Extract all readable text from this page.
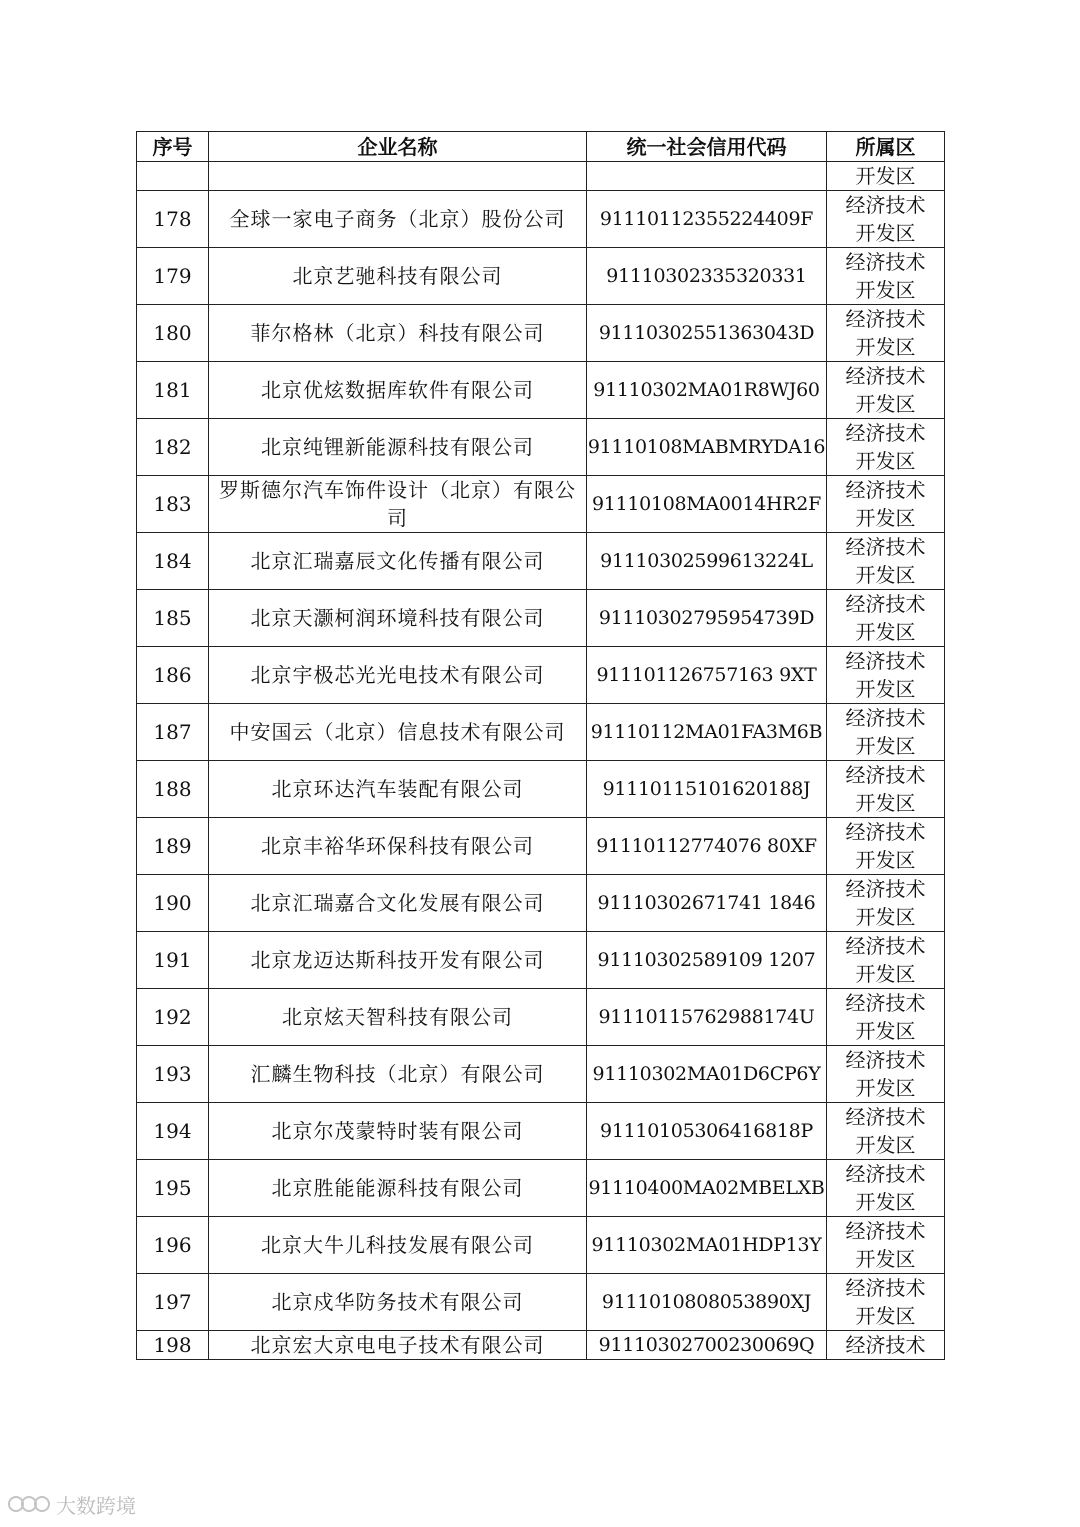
序号	企业名称	统一社会信用代码	所属区
			开发区
178	全球一家电子商务（北京）股份公司	91110112355224409F	经济技术
开发区

179	北京艺驰科技有限公司	91110302335320331	经济技术
开发区

180	菲尔格林（北京）科技有限公司	91110302551363043D	经济技术
开发区

181	北京优炫数据库软件有限公司	91110302MA01R8WJ60	经济技术
开发区

182	北京纯锂新能源科技有限公司	91110108MABMRYDA16	经济技术
开发区

183	罗斯德尔汽车饰件设计（北京）有限公司	91110108MA0014HR2F	经济技术
开发区

184	北京汇瑞嘉辰文化传播有限公司	91110302599613224L	经济技术
开发区

185	北京天灏柯润环境科技有限公司	91110302795954739D	经济技术
开发区

186	北京宇极芯光光电技术有限公司	911101126757163 9XT	经济技术
开发区

187	中安国云（北京）信息技术有限公司	91110112MA01FA3M6B	经济技术
开发区

188	北京环达汽车装配有限公司	91110115101620188J	经济技术
开发区

189	北京丰裕华环保科技有限公司	91110112774076 80XF	经济技术
开发区

190	北京汇瑞嘉合文化发展有限公司	91110302671741 1846	经济技术
开发区

191	北京龙迈达斯科技开发有限公司	91110302589109 1207	经济技术
开发区

192	北京炫天智科技有限公司	91110115762988174U	经济技术
开发区

193	汇麟生物科技（北京）有限公司	91110302MA01D6CP6Y	经济技术
开发区

194	北京尔茂蒙特时装有限公司	91110105306416818P	经济技术
开发区

195	北京胜能能源科技有限公司	91110400MA02MBELXB	经济技术
开发区

196	北京大牛儿科技发展有限公司	91110302MA01HDP13Y	经济技术
开发区

197	北京戍华防务技术有限公司	9111010808053890XJ	经济技术
开发区

198	北京宏大京电电子技术有限公司	91110302700230069Q	经济技术
大数跨境
